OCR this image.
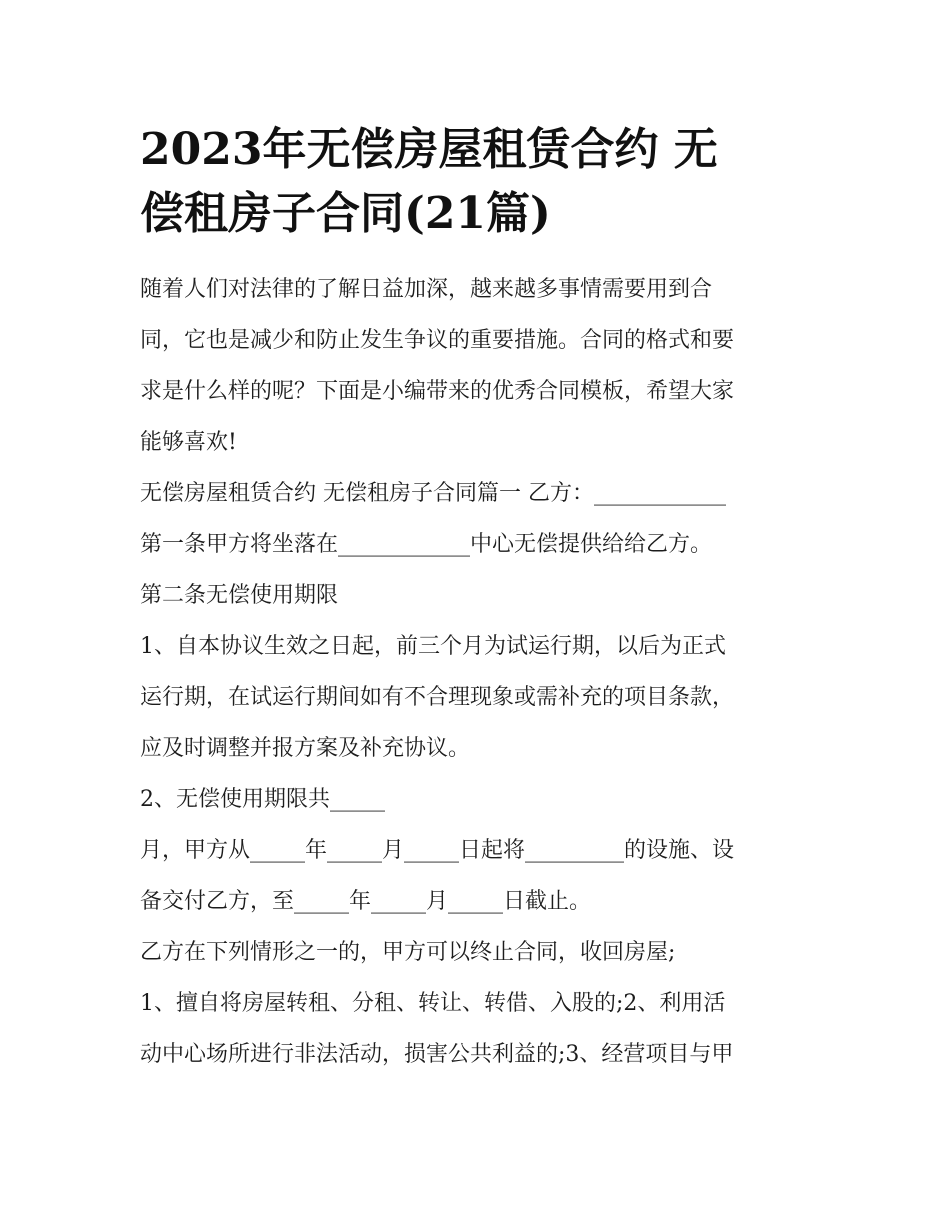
2023年无偿房屋租赁合约 无
偿租房子合同(21篇)

随着人们对法律的了解日益加深，越来越多事情需要用到合
同，它也是减少和防止发生争议的重要措施。合同的格式和要
求是什么样的呢？下面是小编带来的优秀合同模板，希望大家
能够喜欢!

无偿房屋租赁合约 无偿租房子合同篇一 乙方：____________

第一条甲方将坐落在____________中心无偿提供给给乙方。

第二条无偿使用期限

1、自本协议生效之日起，前三个月为试运行期，以后为正式
运行期，在试运行期间如有不合理现象或需补充的项目条款，
应及时调整并报方案及补充协议。

2、无偿使用期限共_____

月，甲方从_____年_____月_____日起将_________的设施、设
备交付乙方，至_____年_____月_____日截止。

乙方在下列情形之一的，甲方可以终止合同，收回房屋;

1、擅自将房屋转租、分租、转让、转借、入股的;2、利用活
动中心场所进行非法活动，损害公共利益的;3、经营项目与甲
